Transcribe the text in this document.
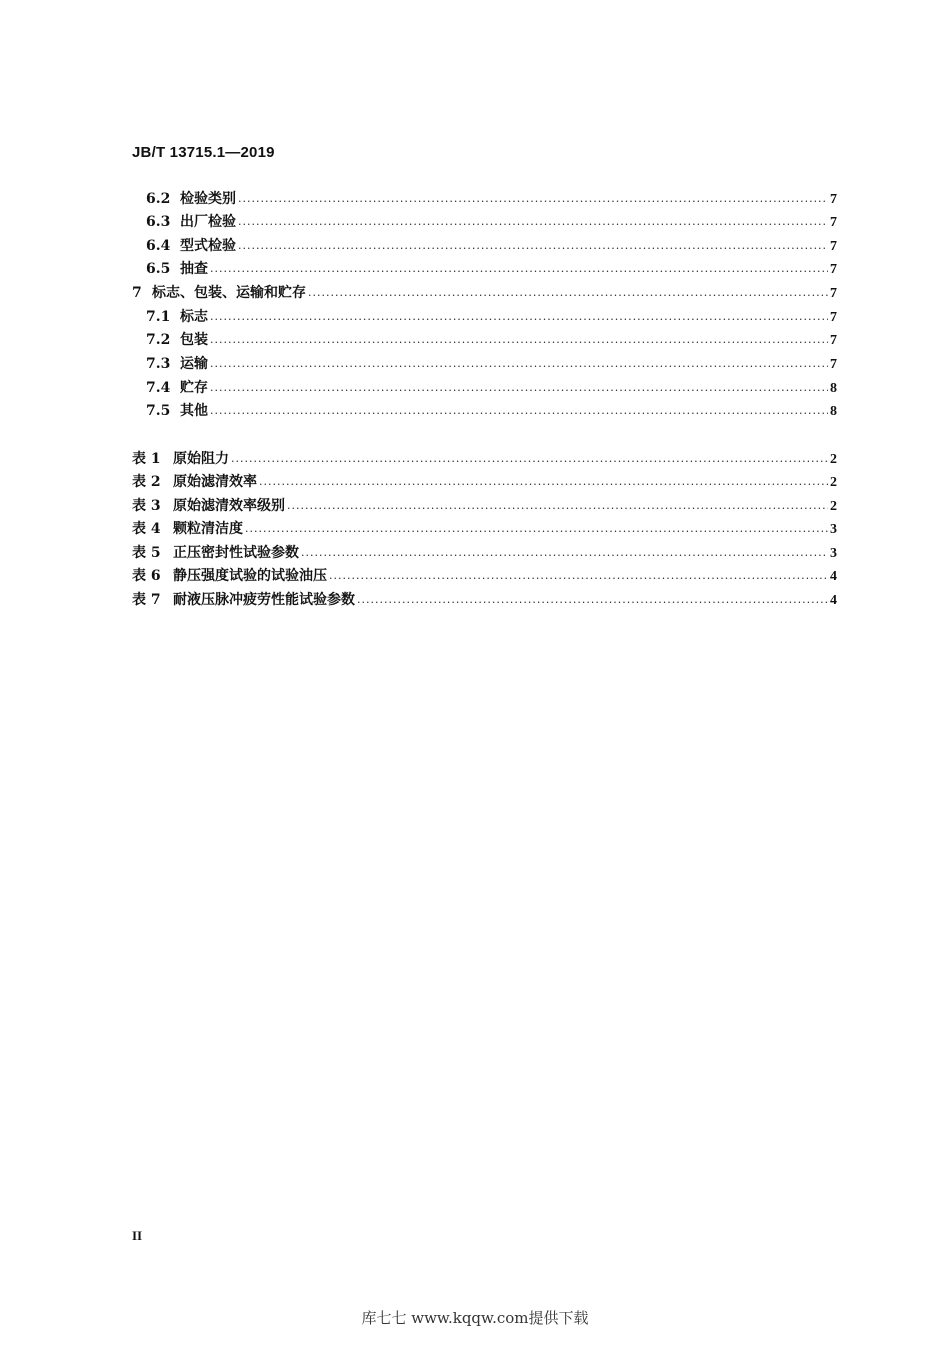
JB/T 13715.1—2019
6.2 检验类别 .....	7
6.3 出厂检验 .....	7
6.4 型式检验 .....	7
6.5 抽查 .....	7
7 标志、包装、运输和贮存 .....	7
7.1 标志 .....	7
7.2 包装 .....	7
7.3 运输 .....	7
7.4 贮存 .....	8
7.5 其他 .....	8
表 1 原始阻力 .....	2
表 2 原始滤清效率 .....	2
表 3 原始滤清效率级别 .....	2
表 4 颗粒清洁度 .....	3
表 5 正压密封性试验参数 .....	3
表 6 静压强度试验的试验油压 .....	4
表 7 耐液压脉冲疲劳性能试验参数 .....	4
II
库七七 www.kqqw.com提供下载
